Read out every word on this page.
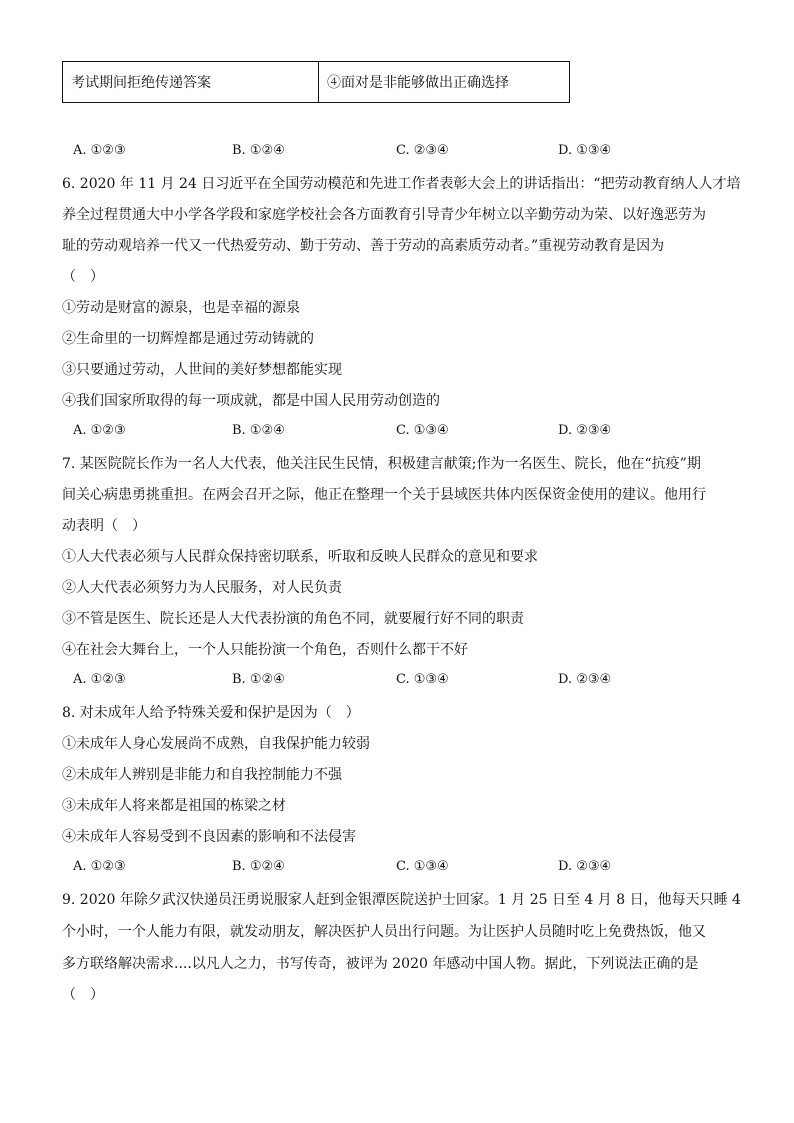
考试期间拒绝传递答案	④面对是非能够做出正确选择
A. ①②③	B. ①②④	C. ②③④	D. ①③④
6. 2020 年 11 月 24 日习近平在全国劳动模范和先进工作者表彰大会上的讲话指出：“把劳动教育纳人人才培
养全过程贯通大中小学各学段和家庭学校社会各方面教育引导青少年树立以辛勤劳动为荣、以好逸恶劳为
耻的劳动观培养一代又一代热爱劳动、勤于劳动、善于劳动的高素质劳动者。”重视劳动教育是因为
（　）
①劳动是财富的源泉，也是幸福的源泉
②生命里的一切辉煌都是通过劳动铸就的
③只要通过劳动，人世间的美好梦想都能实现
④我们国家所取得的每一项成就，都是中国人民用劳动创造的
A. ①②③	B. ①②④	C. ①③④	D. ②③④
7. 某医院院长作为一名人大代表，他关注民生民情，积极建言献策;作为一名医生、院长，他在“抗疫”期
间关心病患勇挑重担。在两会召开之际，他正在整理一个关于县域医共体内医保资金使用的建议。他用行
动表明（　）
①人大代表必须与人民群众保持密切联系，听取和反映人民群众的意见和要求
②人大代表必须努力为人民服务，对人民负责
③不管是医生、院长还是人大代表扮演的角色不同，就要履行好不同的职责
④在社会大舞台上，一个人只能扮演一个角色，否则什么都干不好
A. ①②③	B. ①②④	C. ①③④	D. ②③④
8. 对未成年人给予特殊关爱和保护是因为（　）
①未成年人身心发展尚不成熟，自我保护能力较弱
②未成年人辨别是非能力和自我控制能力不强
③未成年人将来都是祖国的栋梁之材
④未成年人容易受到不良因素的影响和不法侵害
A. ①②③	B. ①②④	C. ①③④	D. ②③④
9. 2020 年除夕武汉快递员汪勇说服家人赶到金银潭医院送护士回家。1 月 25 日至 4 月 8 日，他每天只睡 4
个小时，一个人能力有限，就发动朋友，解决医护人员出行问题。为让医护人员随时吃上免费热饭，他又
多方联络解决需求....以凡人之力，书写传奇，被评为 2020 年感动中国人物。据此，下列说法正确的是
（　）
